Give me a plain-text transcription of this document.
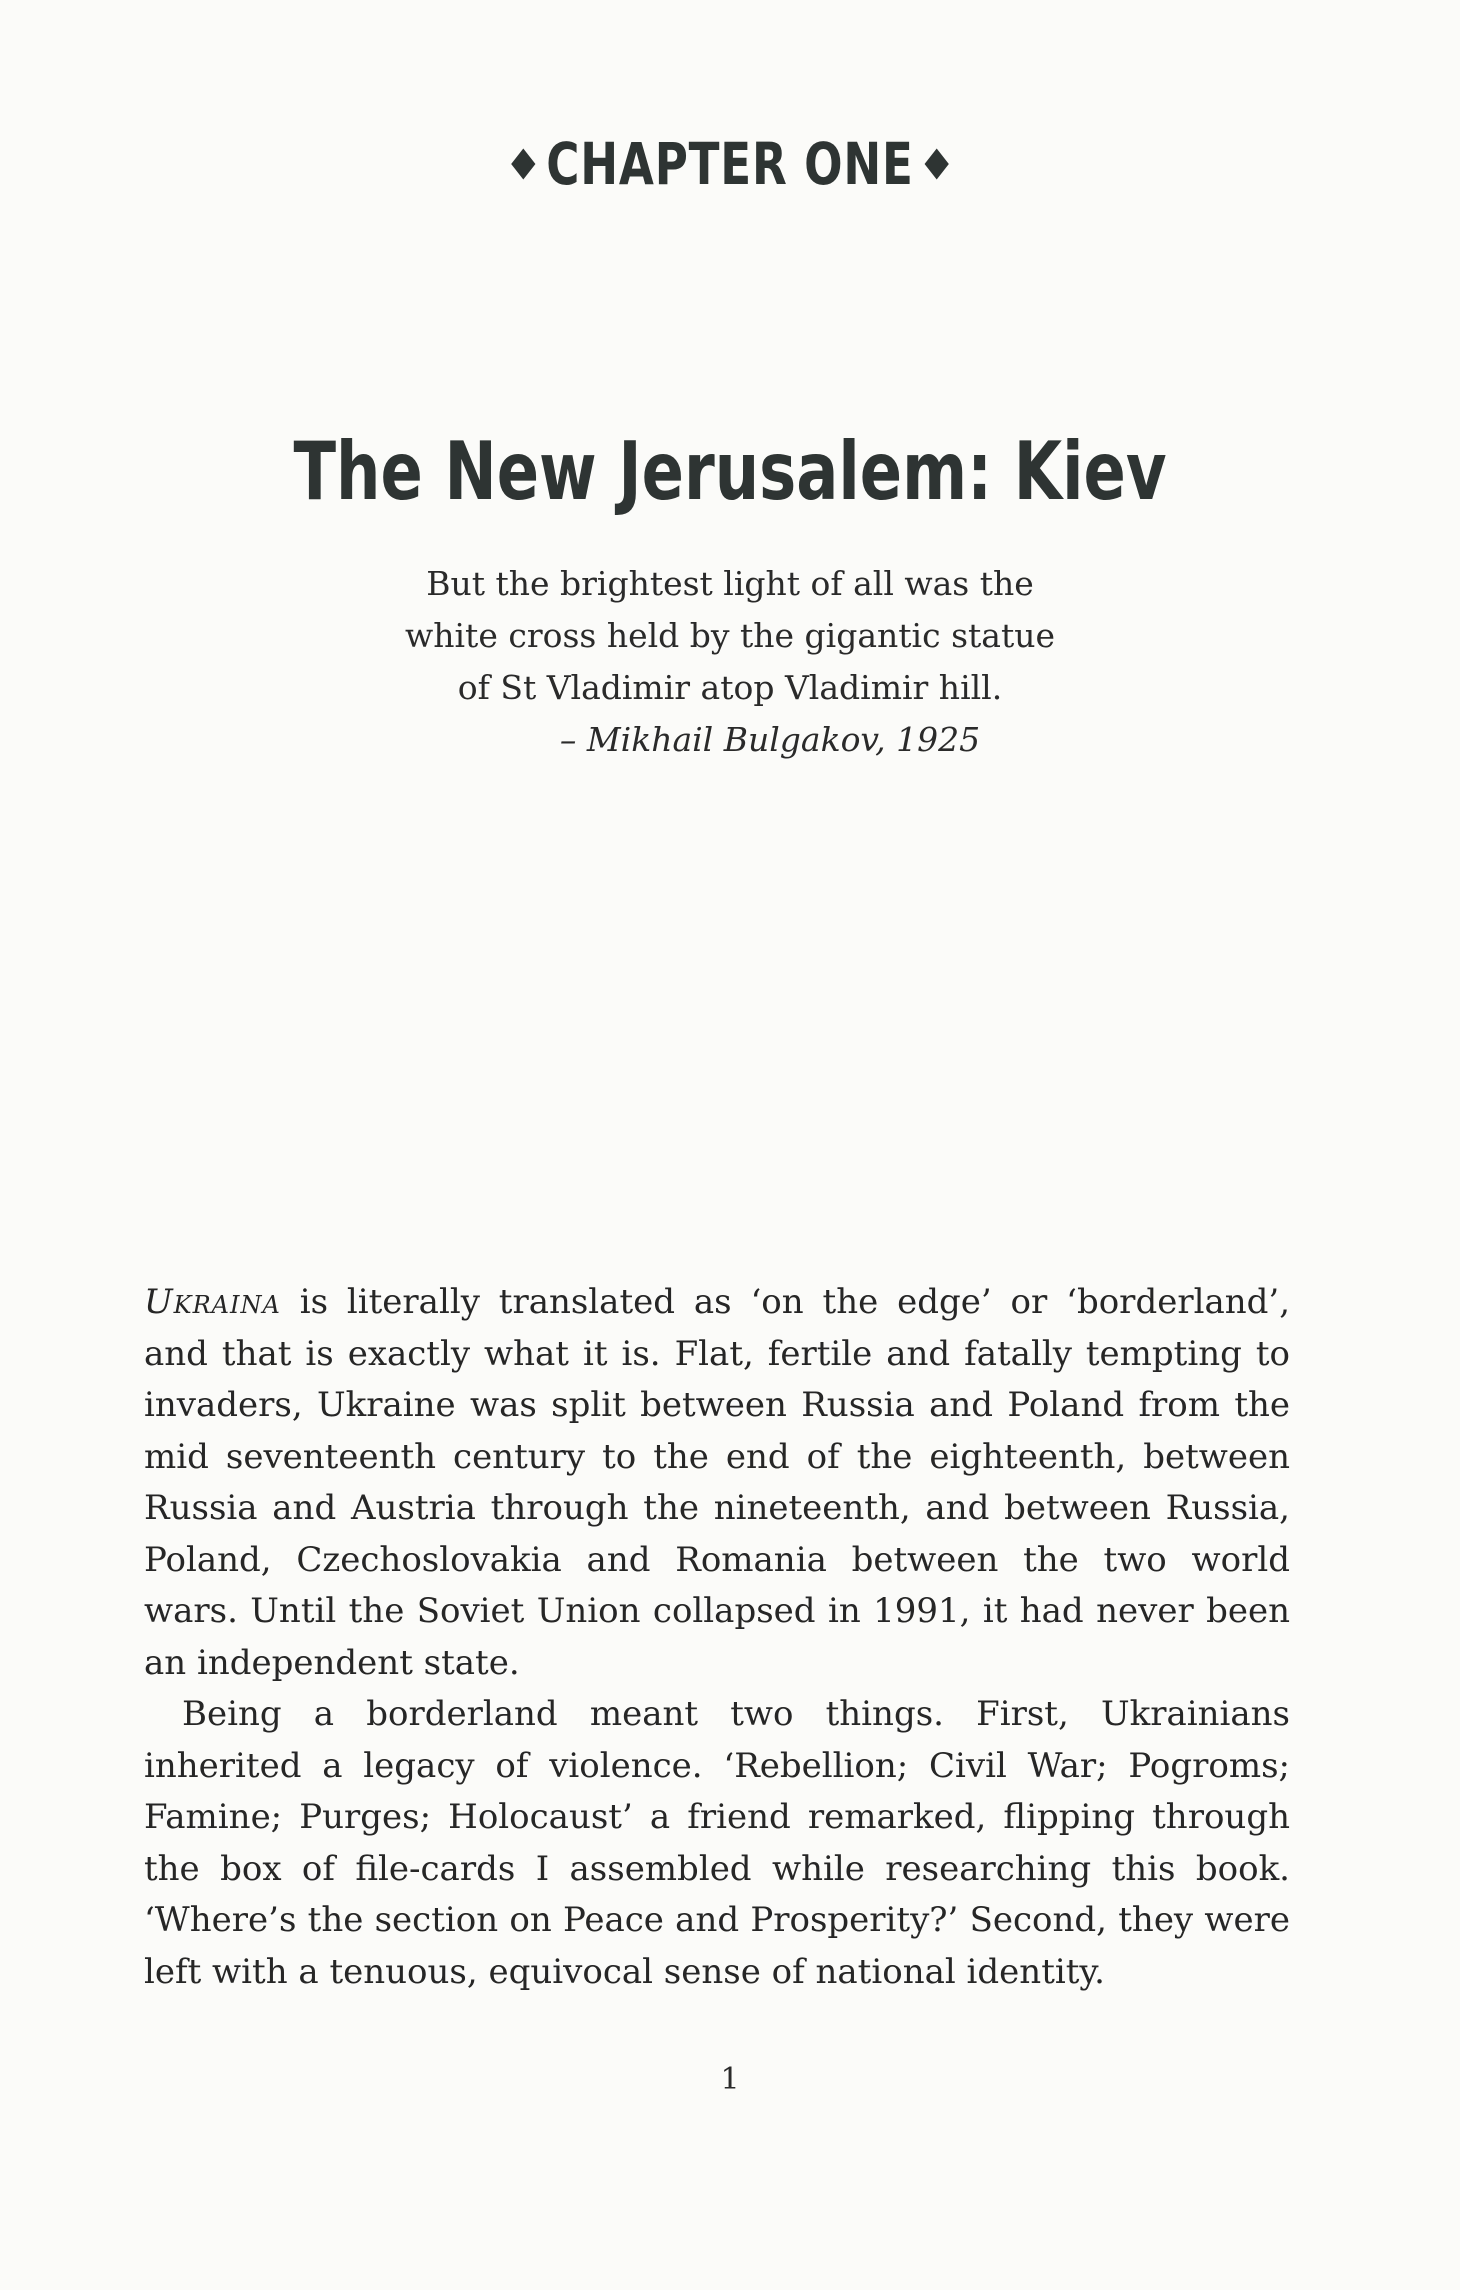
CHAPTER ONE
The New Jerusalem: Kiev
But the brightest light of all was the
white cross held by the gigantic statue
of St Vladimir atop Vladimir hill.
– Mikhail Bulgakov, 1925

Ukraina is literally translated as ‘on the edge’ or ‘borderland’, and that is exactly what it is. Flat, fertile and fatally tempting to invaders, Ukraine was split between Russia and Poland from the mid seventeenth century to the end of the eighteenth, between Russia and Austria through the nineteenth, and between Russia, Poland, Czechoslovakia and Romania between the two world wars. Until the Soviet Union collapsed in 1991, it had never been an independent state.

Being a borderland meant two things. First, Ukrainians inherited a legacy of violence. ‘Rebellion; Civil War; Pogroms; Famine; Purges; Holocaust’ a friend remarked, flipping through the box of file-cards I assembled while researching this book. ‘Where’s the section on Peace and Prosperity?’ Second, they were left with a tenuous, equivocal sense of national identity.

1
